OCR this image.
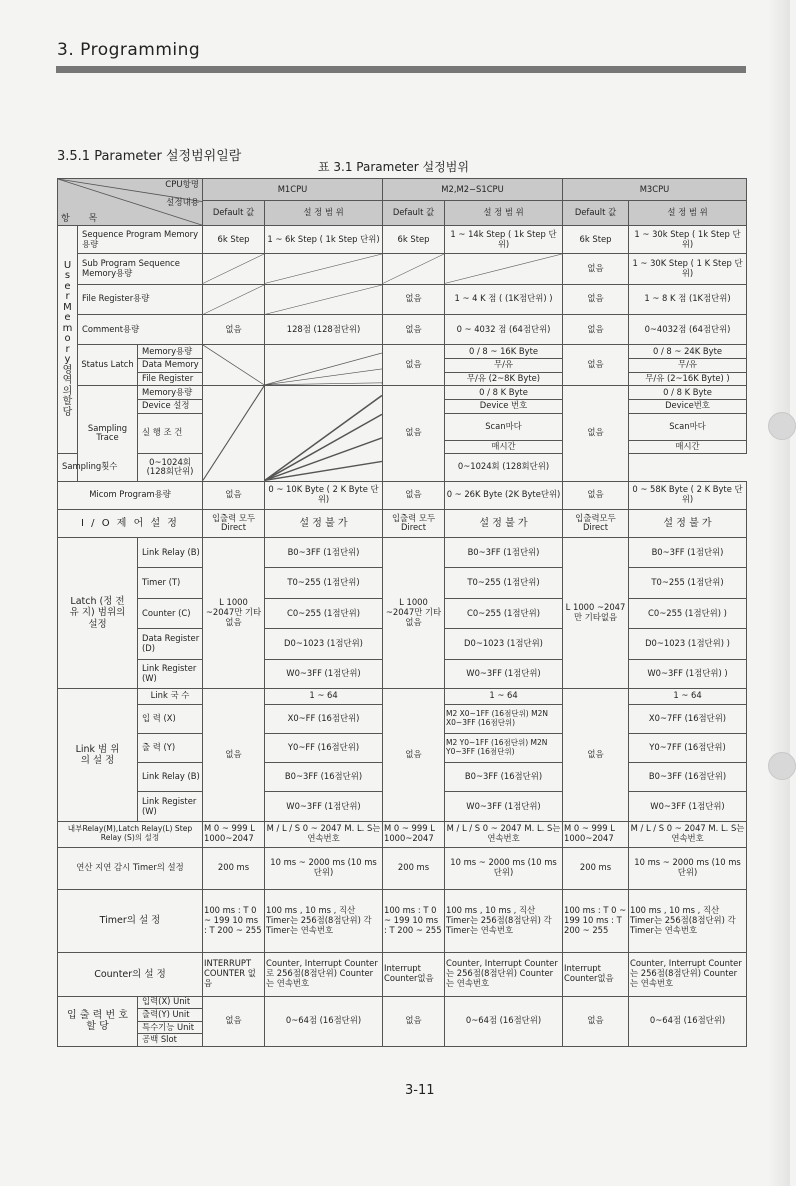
3. Programming
3.5.1 Parameter 설정범위일람
표 3.1 Parameter 설정범위
CPU항명
설정내용
항 목			M1CPU		M2,M2−S1CPU		M3CPU	
			Default 값	설 정 범 위	Default 값	설 정 범 위	Default 값	설 정 범 위
User Memory 영역의 할당	Sequence Program Memory용량		6k Step	1 ~ 6k Step ( 1k Step 단위)	6k Step	1 ~ 14k Step ( 1k Step 단위)	6k Step	1 ~ 30k Step ( 1k Step 단위)
	Sub Program Sequence Memory용량						없음	1 ~ 30K Step ( 1 K Step 단위)
	File Register용량				없음	1 ~ 4 K 점 ( (1K점단위) )	없음	1 ~ 8 K 점 (1K점단위)
	Comment용량		없음	128점 (128점단위)	없음	0 ~ 4032 점 (64점단위)	없음	0~4032점 (64점단위)
	Status Latch	Memory용량			없음	0 / 8 ~ 16K Byte	없음	0 / 8 ~ 24K Byte
		Data Memory				무/유		무/유
		File Register				무/유 (2~8K Byte)		무/유 (2~16K Byte) )
	Sampling Trace	Memory용량			없음	0 / 8 K Byte	없음	0 / 8 K Byte
		Device 설정				Device 번호		Device번호
		실 행 조 건				Scan마다		Scan마다
						매시간		매시간
Sampling횟수		0~1024회 (128회단위)				0~1024회 (128회단위)		
Micom Program용량			없음	0 ~ 10K Byte ( 2 K Byte 단위)	없음	0 ~ 26K Byte (2K Byte단위)	없음	0 ~ 58K Byte ( 2 K Byte 단위)
I / O 제 어 설 정			입출력 모두 Direct	설 정 불 가	입출력 모두 Direct	설 정 불 가	입출력모두 Direct	설 정 불 가
Latch (정 전 유 지) 범위의 설정		Link Relay (B)	L 1000 ~2047만 기타없음	B0~3FF (1점단위)	L 1000 ~2047만 기타없음	B0~3FF (1점단위)	L 1000 ~2047만 기타없음	B0~3FF (1점단위)
		Timer (T)		T0~255 (1점단위)		T0~255 (1점단위)		T0~255 (1점단위)
		Counter (C)		C0~255 (1점단위)		C0~255 (1점단위)		C0~255 (1점단위) )
		Data Register (D)		D0~1023 (1점단위)		D0~1023 (1점단위)		D0~1023 (1점단위) )
		Link Register (W)		W0~3FF (1점단위)		W0~3FF (1점단위)		W0~3FF (1점단위) )
Link 범 위 의 설 정		Link 국 수	없음	1 ~ 64	없음	1 ~ 64	없음	1 ~ 64
		입 력 (X)		X0~FF (16점단위)		M2 X0~1FF (16점단위) M2N X0~3FF (16점단위)		X0~7FF (16점단위)
		출 력 (Y)		Y0~FF (16점단위)		M2 Y0~1FF (16점단위) M2N Y0~3FF (16점단위)		Y0~7FF (16점단위)
		Link Relay (B)		B0~3FF (16점단위)		B0~3FF (16점단위)		B0~3FF (16점단위)
		Link Register (W)		W0~3FF (1점단위)		W0~3FF (1점단위)		W0~3FF (1점단위)
내부Relay(M),Latch Relay(L) Step Relay (S)의 설정			M 0 ~ 999 L 1000~2047	M / L / S 0 ~ 2047 M. L. S는 연속번호	M 0 ~ 999 L 1000~2047	M / L / S 0 ~ 2047 M. L. S는 연속번호	M 0 ~ 999 L 1000~2047	M / L / S 0 ~ 2047 M. L. S는 연속번호
연산 지연 감시 Timer의 설정			200 ms	10 ms ~ 2000 ms (10 ms 단위)	200 ms	10 ms ~ 2000 ms (10 ms 단위)	200 ms	10 ms ~ 2000 ms (10 ms 단위)
Timer의 설 정			100 ms : T 0 ~ 199 10 ms : T 200 ~ 255	100 ms , 10 ms , 직산 Timer는 256점(8점단위) 각 Timer는 연속번호	100 ms : T 0 ~ 199 10 ms : T 200 ~ 255	100 ms , 10 ms , 직산 Timer는 256점(8점단위) 각 Timer는 연속번호	100 ms : T 0 ~ 199 10 ms : T 200 ~ 255	100 ms , 10 ms , 직산 Timer는 256점(8점단위) 각 Timer는 연속번호
Counter의 설 정			INTERRUPT COUNTER 없음	Counter, Interrupt Counter로 256점(8점단위) Counter는 연속번호	Interrupt Counter없음	Counter, Interrupt Counter는 256점(8점단위) Counter는 연속번호	Interrupt Counter없음	Counter, Interrupt Counter는 256점(8점단위) Counter는 연속번호
입 출 력 번 호 할 당		입력(X) Unit	없음	0~64점 (16점단위)	없음	0~64점 (16점단위)	없음	0~64점 (16점단위)
		출력(Y) Unit						
		특수기능 Unit						
		공백 Slot						
3-11
